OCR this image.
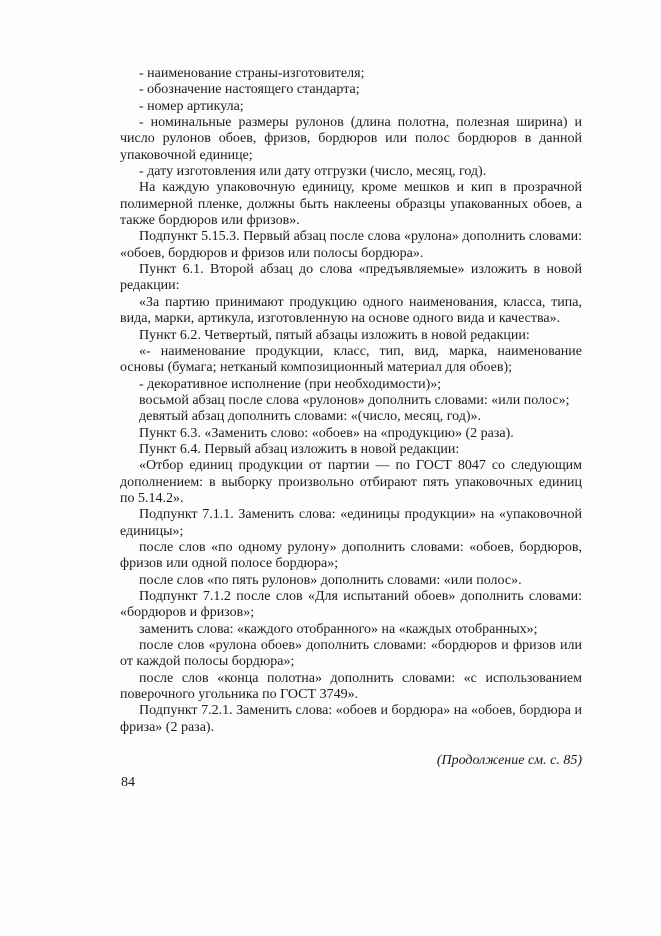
- наименование страны-изготовителя;

- обозначение настоящего стандарта;

- номер артикула;

- номинальные размеры рулонов (длина полотна, полезная ширина) и число рулонов обоев, фризов, бордюров или полос бордюров в данной упаковочной единице;

- дату изготовления или дату отгрузки (число, месяц, год).

На каждую упаковочную единицу, кроме мешков и кип в прозрачной полимерной пленке, должны быть наклеены образцы упакованных обоев, а также бордюров или фризов».

Подпункт 5.15.3. Первый абзац после слова «рулона» дополнить словами: «обоев, бордюров и фризов или полосы бордюра».

Пункт 6.1. Второй абзац до слова «предъявляемые» изложить в новой редакции:

«За партию принимают продукцию одного наименования, класса, типа, вида, марки, артикула, изготовленную на основе одного вида и качества».

Пункт 6.2. Четвертый, пятый абзацы изложить в новой редакции:

«- наименование продукции, класс, тип, вид, марка, наименование основы (бумага; нетканый композиционный материал для обоев);

- декоративное исполнение (при необходимости)»;

восьмой абзац после слова «рулонов» дополнить словами: «или полос»;

девятый абзац дополнить словами: «(число, месяц, год)».

Пункт 6.3. «Заменить слово: «обоев» на «продукцию» (2 раза).

Пункт 6.4. Первый абзац изложить в новой редакции:

«Отбор единиц продукции от партии — по ГОСТ 8047 со следующим дополнением: в выборку произвольно отбирают пять упаковочных единиц по 5.14.2».

Подпункт 7.1.1. Заменить слова: «единицы продукции» на «упаковочной единицы»;

после слов «по одному рулону» дополнить словами: «обоев, бордюров, фризов или одной полосе бордюра»;

после слов «по пять рулонов» дополнить словами: «или полос».

Подпункт 7.1.2 после слов «Для испытаний обоев» дополнить словами: «бордюров и фризов»;

заменить слова: «каждого отобранного» на «каждых отобранных»;

после слов «рулона обоев» дополнить словами: «бордюров и фризов или от каждой полосы бордюра»;

после слов «конца полотна» дополнить словами: «с использованием поверочного угольника по ГОСТ 3749».

Подпункт 7.2.1. Заменить слова: «обоев и бордюра» на «обоев, бордюра и фриза» (2 раза).

(Продолжение см. с. 85)

84
